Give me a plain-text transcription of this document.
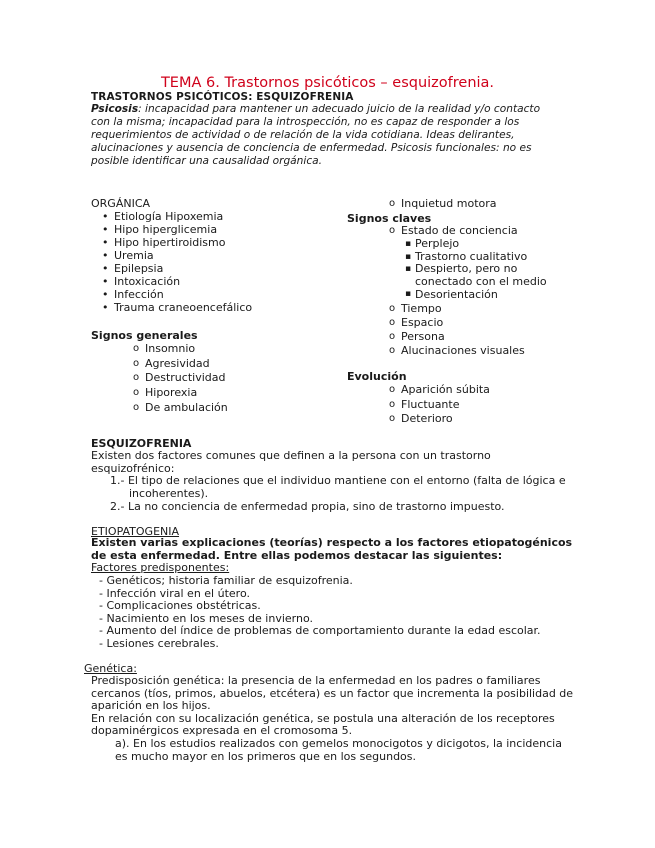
TEMA 6. Trastornos psicóticos – esquizofrenia.
TRASTORNOS PSICÓTICOS: ESQUIZOFRENIA
Psicosis: incapacidad para mantener un adecuado juicio de la realidad y/o contacto
con la misma; incapacidad para la introspección, no es capaz de responder a los
requerimientos de actividad o de relación de la vida cotidiana. Ideas delirantes,
alucinaciones y ausencia de conciencia de enfermedad. Psicosis funcionales: no es
posible identificar una causalidad orgánica.
ORGÁNICA
• Etiología Hipoxemia
• Hipo hiperglicemia
• Hipo hipertiroidismo
• Uremia
• Epilepsia
• Intoxicación
• Infección
• Trauma craneoencefálico
Signos generales
o Insomnio
o Agresividad
o Destructividad
o Hiporexia
o De ambulación
o Inquietud motora
Signos claves
o Estado de conciencia
▪ Perplejo
▪ Trastorno cualitativo
▪ Despierto, pero no
conectado con el medio
▪ Desorientación
o Tiempo
o Espacio
o Persona
o Alucinaciones visuales
Evolución
o Aparición súbita
o Fluctuante
o Deterioro
ESQUIZOFRENIA
Existen dos factores comunes que definen a la persona con un trastorno
esquizofrénico:
1.- El tipo de relaciones que el individuo mantiene con el entorno (falta de lógica e
incoherentes).
2.- La no conciencia de enfermedad propia, sino de trastorno impuesto.
ETIOPATOGENIA
Existen varias explicaciones (teorías) respecto a los factores etiopatogénicos
de esta enfermedad. Entre ellas podemos destacar las siguientes:
Factores predisponentes:
- Genéticos; historia familiar de esquizofrenia.
- Infección viral en el útero.
- Complicaciones obstétricas.
- Nacimiento en los meses de invierno.
- Aumento del índice de problemas de comportamiento durante la edad escolar.
- Lesiones cerebrales.
Genética:
Predisposición genética: la presencia de la enfermedad en los padres o familiares
cercanos (tíos, primos, abuelos, etcétera) es un factor que incrementa la posibilidad de
aparición en los hijos.
En relación con su localización genética, se postula una alteración de los receptores
dopaminérgicos expresada en el cromosoma 5.
a). En los estudios realizados con gemelos monocigotos y dicigotos, la incidencia
es mucho mayor en los primeros que en los segundos.
